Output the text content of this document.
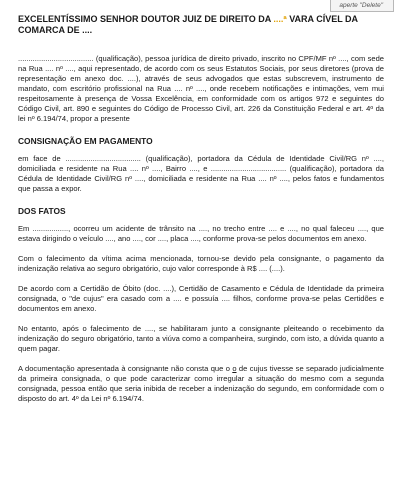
aperte "Delete"
EXCELENTÍSSIMO SENHOR DOUTOR JUIZ DE DIREITO DA ....ª VARA CÍVEL DA COMARCA DE ....

.................................... (qualificação), pessoa jurídica de direito privado, inscrito no CPF/MF nº ...., com sede na Rua .... nº ...., aqui representado, de acordo com os seus Estatutos Sociais, por seus diretores (prova de representação em anexo doc. ....), através de seus advogados que estas subscrevem, instrumento de mandato, com escritório profissional na Rua .... nº ...., onde recebem notificações e intimações, vem mui respeitosamente à presença de Vossa Excelência, em conformidade com os artigos 972 e seguintes do Código Civil, art. 890 e seguintes do Código de Processo Civil, art. 226 da Constituição Federal e art. 4º da lei nº 6.194/74, propor a presente

CONSIGNAÇÃO EM PAGAMENTO

em face de .................................... (qualificação), portadora da Cédula de Identidade Civil/RG nº ...., domiciliada e residente na Rua .... nº ...., Bairro ...., e .................................... (qualificação), portadora da Cédula de Identidade Civil/RG nº ...., domiciliada e residente na Rua .... nº ...., pelos fatos e fundamentos que passa a expor.

DOS FATOS

Em ................., ocorreu um acidente de trânsito na ...., no trecho entre .... e ...., no qual faleceu ...., que estava dirigindo o veículo ...., ano ...., cor ...., placa ...., conforme prova-se pelos documentos em anexo.

Com o falecimento da vítima acima mencionada, tornou-se devido pela consignante, o pagamento da indenização relativa ao seguro obrigatório, cujo valor corresponde à R$ .... (....).

De acordo com a Certidão de Óbito (doc. ....), Certidão de Casamento e Cédula de Identidade da primeira consignada, o "de cujus" era casado com a .... e possuía .... filhos, conforme prova-se pelas Certidões e documentos em anexo.

No entanto, após o falecimento de ...., se habilitaram junto a consignante pleiteando o recebimento da indenização do seguro obrigatório, tanto a viúva como a companheira, surgindo, com isto, a dúvida quanto a quem pagar.

A documentação apresentada à consignante não consta que o o de cujus tivesse se separado judicialmente da primeira consignada, o que pode caracterizar como irregular a situação do mesmo com a segunda consignada, pessoa então que seria inibida de receber a indenização do segundo, em conformidade com o disposto do art. 4º da Lei nº 6.194/74.
